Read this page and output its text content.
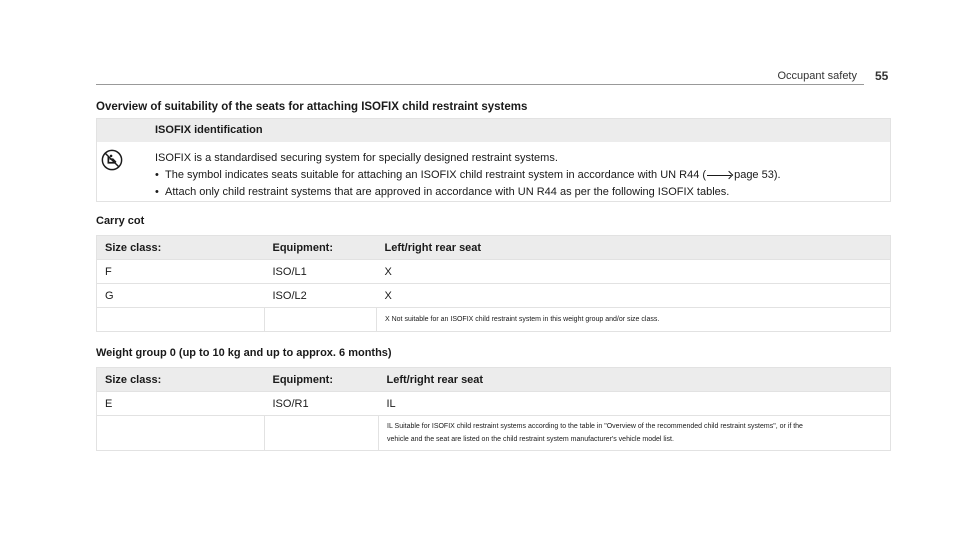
Occupant safety 55
Overview of suitability of the seats for attaching ISOFIX child restraint systems
ISOFIX identification
ISOFIX is a standardised securing system for specially designed restraint systems.
• The symbol indicates seats suitable for attaching an ISOFIX child restraint system in accordance with UN R44 (	page 53).
• Attach only child restraint systems that are approved in accordance with UN R44 as per the following ISOFIX tables.
Carry cot
Size class:	Equipment:	Left/right rear seat
F	ISO/L1	X
G	ISO/L2	X
		X Not suitable for an ISOFIX child restraint system in this weight group and/or size class.
Weight group 0 (up to 10 kg and up to approx. 6 months)
Size class:	Equipment:	Left/right rear seat
E	ISO/R1	IL

		IL Suitable for ISOFIX child restraint systems according to the table in "Overview of the recommended child restraint systems", or if the
vehicle and the seat are listed on the child restraint system manufacturer's vehicle model list.
